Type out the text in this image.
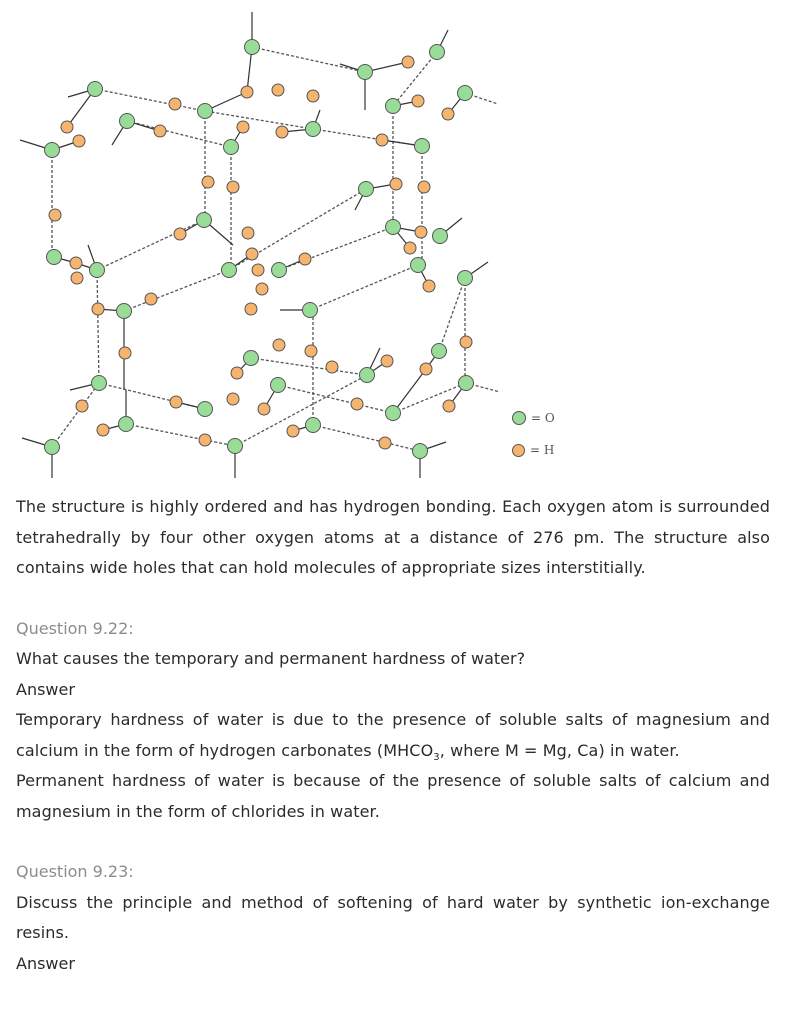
= O
= H

The structure is highly ordered and has hydrogen bonding. Each oxygen atom is surrounded tetrahedrally by four other oxygen atoms at a distance of 276 pm. The structure also contains wide holes that can hold molecules of appropriate sizes interstitially.

Question 9.22:

What causes the temporary and permanent hardness of water?

Answer

Temporary hardness of water is due to the presence of soluble salts of magnesium and calcium in the form of hydrogen carbonates ($MHCO_3$, where M = Mg, Ca) in water.

Permanent hardness of water is because of the presence of soluble salts of calcium and magnesium in the form of chlorides in water.

Question 9.23:

Discuss the principle and method of softening of hard water by synthetic ion-exchange resins.

Answer
